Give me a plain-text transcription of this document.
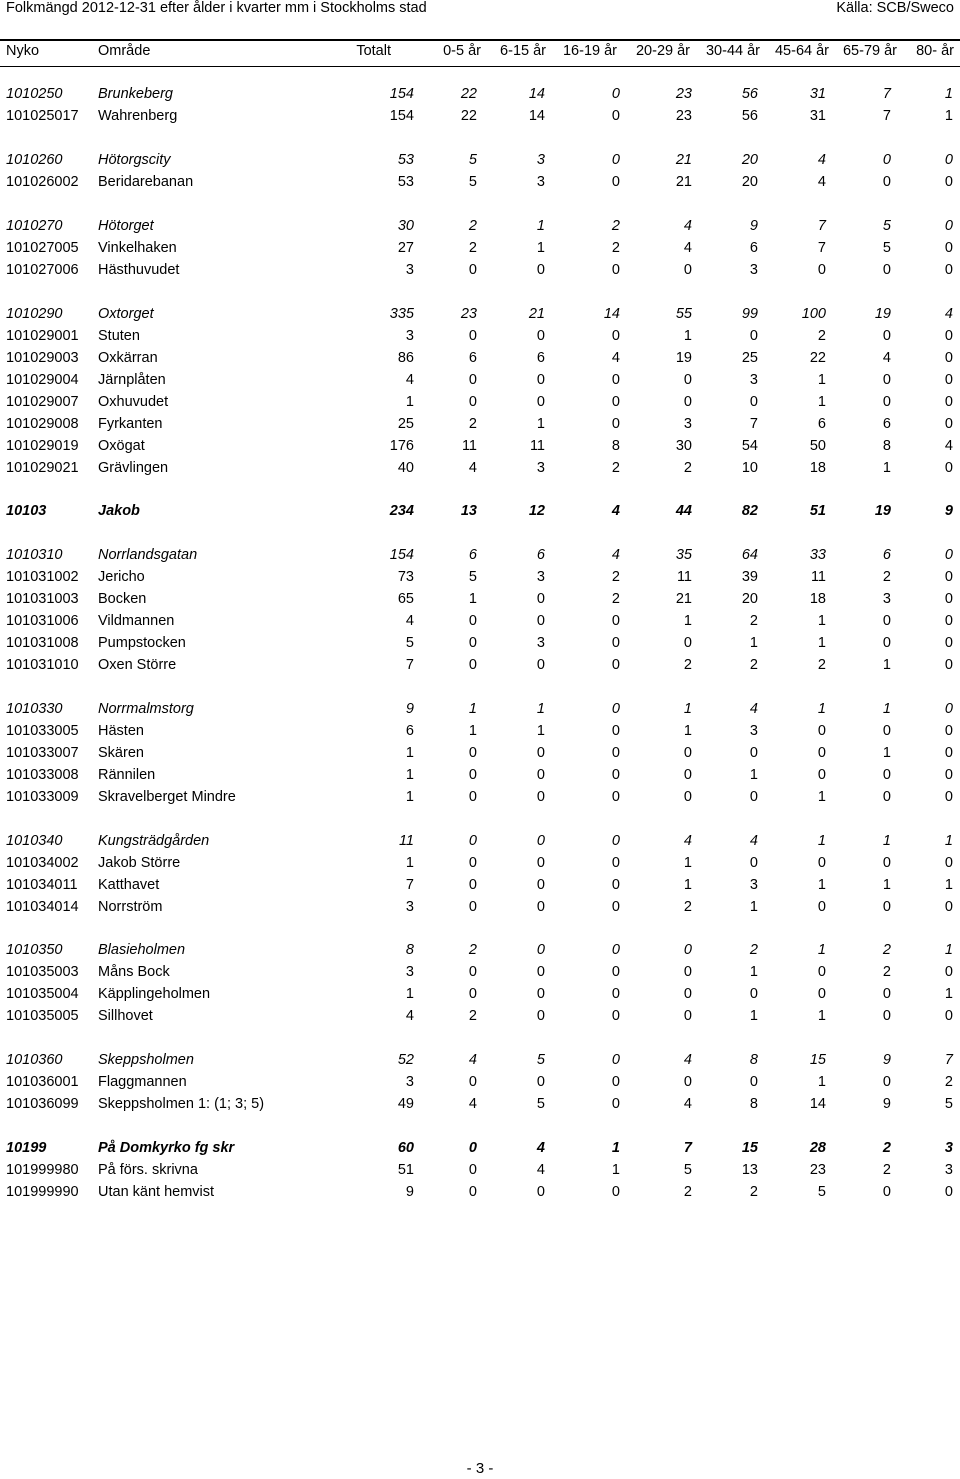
Folkmängd 2012-12-31 efter ålder i kvarter mm i Stockholms stad	Källa: SCB/Sweco
Nyko	Område	Totalt	0-5 år 6-15 år 16-19 år 20-29 år 30-44 år 45-64 år 65-79 år 80- år
1010250 Brunkeberg	154	22	14	0	23	56	31	7	1
101025017 Wahrenberg	154	22	14	0	23	56	31	7	1
1010260 Hötorgscity	53	5	3	0	21	20	4	0	0
101026002 Beridarebanan	53	5	3	0	21	20	4	0	0
1010270 Hötorget	30	2	1	2	4	9	7	5	0
101027005 Vinkelhaken	27	2	1	2	4	6	7	5	0
101027006 Hästhuvudet	3	0	0	0	0	3	0	0	0
1010290 Oxtorget	335	23	21	14	55	99	100	19	4
101029001 Stuten	3	0	0	0	1	0	2	0	0
101029003 Oxkärran	86	6	6	4	19	25	22	4	0
101029004 Järnplåten	4	0	0	0	0	3	1	0	0
101029007 Oxhuvudet	1	0	0	0	0	0	1	0	0
101029008 Fyrkanten	25	2	1	0	3	7	6	6	0
101029019 Oxögat	176	11	11	8	30	54	50	8	4
101029021 Grävlingen	40	4	3	2	2	10	18	1	0
10103	Jakob	234	13	12	4	44	82	51	19	9
1010310 Norrlandsgatan	154	6	6	4	35	64	33	6	0
101031002 Jericho	73	5	3	2	11	39	11	2	0
101031003 Bocken	65	1	0	2	21	20	18	3	0
101031006 Vildmannen	4	0	0	0	1	2	1	0	0
101031008 Pumpstocken	5	0	3	0	0	1	1	0	0
101031010 Oxen Större	7	0	0	0	2	2	2	1	0
1010330 Norrmalmstorg	9	1	1	0	1	4	1	1	0
101033005 Hästen	6	1	1	0	1	3	0	0	0
101033007 Skären	1	0	0	0	0	0	0	1	0
101033008 Rännilen	1	0	0	0	0	1	0	0	0
101033009 Skravelberget Mindre	1	0	0	0	0	0	1	0	0
1010340 Kungsträdgården	11	0	0	0	4	4	1	1	1
101034002 Jakob Större	1	0	0	0	1	0	0	0	0
101034011 Katthavet	7	0	0	0	1	3	1	1	1
101034014 Norrström	3	0	0	0	2	1	0	0	0
1010350 Blasieholmen	8	2	0	0	0	2	1	2	1
101035003 Måns Bock	3	0	0	0	0	1	0	2	0
101035004 Käpplingeholmen	1	0	0	0	0	0	0	0	1
101035005 Sillhovet	4	2	0	0	0	1	1	0	0
1010360 Skeppsholmen	52	4	5	0	4	8	15	9	7
101036001 Flaggmannen	3	0	0	0	0	0	1	0	2
101036099 Skeppsholmen 1: (1; 3; 5)	49	4	5	0	4	8	14	9	5
10199	På Domkyrko fg skr	60	0	4	1	7	15	28	2	3
101999980 På förs. skrivna	51	0	4	1	5	13	23	2	3
101999990 Utan känt hemvist	9	0	0	0	2	2	5	0	0
- 3 -
